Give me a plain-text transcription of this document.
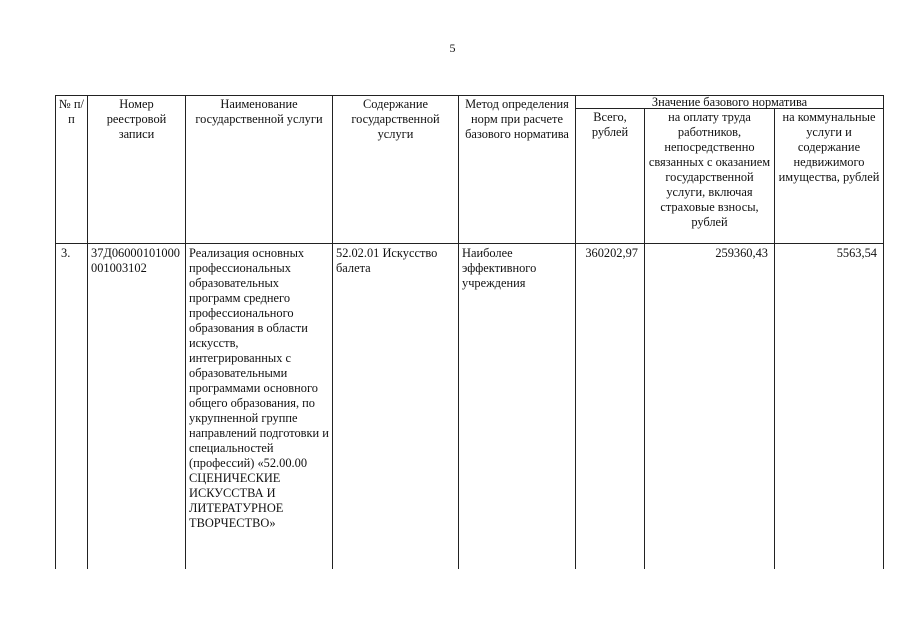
5
№ п/п	Номер реестровой записи	Наименование государственной услуги	Содержание государственной услуги	Метод определения норм при расчете базового норматива	Значение базового норматива		
					Всего, рублей	на оплату труда работников, непосредственно связанных с оказанием государственной услуги, включая страховые взносы, рублей	на коммунальные услуги и содержание недвижимого имущества, рублей
3.	37Д06000101000001003102	Реализация основных профессиональных образовательных программ среднего профессионального образования в области искусств, интегрированных с образовательными программами основного общего образования, по укрупненной группе направлений подготовки и специальностей (профессий) «52.00.00 СЦЕНИЧЕСКИЕ ИСКУССТВА И ЛИТЕРАТУРНОЕ ТВОРЧЕСТВО»	52.02.01 Искусство балета	Наиболее эффективного учреждения	360202,97	259360,43	5563,54
